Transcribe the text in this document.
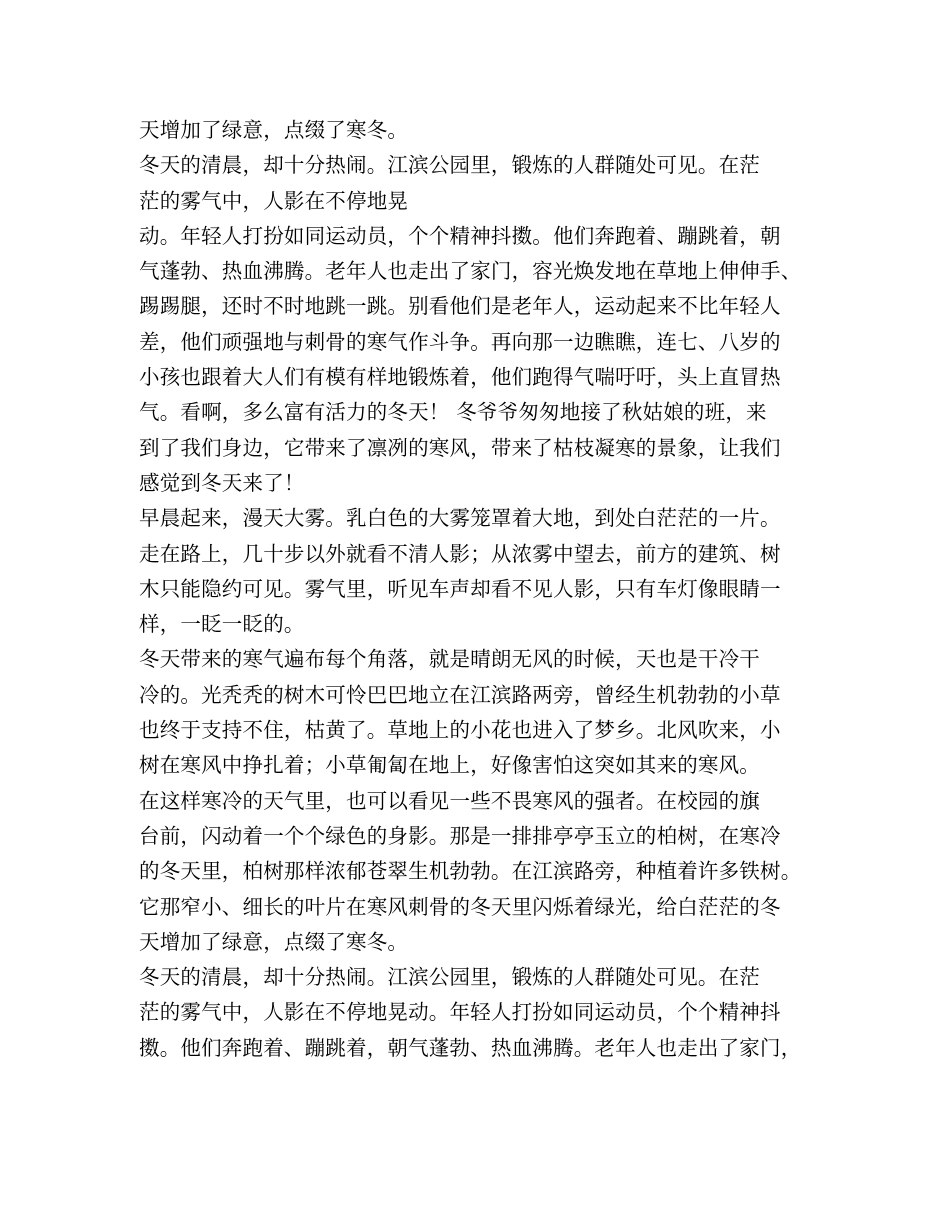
天增加了绿意，点缀了寒冬。
冬天的清晨，却十分热闹。江滨公园里，锻炼的人群随处可见。在茫
茫的雾气中，人影在不停地晃
动。年轻人打扮如同运动员，个个精神抖擞。他们奔跑着、蹦跳着，朝
气蓬勃、热血沸腾。老年人也走出了家门，容光焕发地在草地上伸伸手、
踢踢腿，还时不时地跳一跳。别看他们是老年人，运动起来不比年轻人
差，他们顽强地与刺骨的寒气作斗争。再向那一边瞧瞧，连七、八岁的
小孩也跟着大人们有模有样地锻炼着，他们跑得气喘吁吁，头上直冒热
气。看啊，多么富有活力的冬天！ 冬爷爷匆匆地接了秋姑娘的班，来
到了我们身边，它带来了凛冽的寒风，带来了枯枝凝寒的景象，让我们
感觉到冬天来了！
早晨起来，漫天大雾。乳白色的大雾笼罩着大地，到处白茫茫的一片。
走在路上，几十步以外就看不清人影；从浓雾中望去，前方的建筑、树
木只能隐约可见。雾气里，听见车声却看不见人影，只有车灯像眼睛一
样，一眨一眨的。
冬天带来的寒气遍布每个角落，就是晴朗无风的时候，天也是干冷干
冷的。光秃秃的树木可怜巴巴地立在江滨路两旁，曾经生机勃勃的小草
也终于支持不住，枯黄了。草地上的小花也进入了梦乡。北风吹来，小
树在寒风中挣扎着；小草匍匐在地上，好像害怕这突如其来的寒风。
在这样寒冷的天气里，也可以看见一些不畏寒风的强者。在校园的旗
台前，闪动着一个个绿色的身影。那是一排排亭亭玉立的柏树，在寒冷
的冬天里，柏树那样浓郁苍翠生机勃勃。在江滨路旁，种植着许多铁树。
它那窄小、细长的叶片在寒风刺骨的冬天里闪烁着绿光，给白茫茫的冬
天增加了绿意，点缀了寒冬。
冬天的清晨，却十分热闹。江滨公园里，锻炼的人群随处可见。在茫
茫的雾气中，人影在不停地晃动。年轻人打扮如同运动员，个个精神抖
擞。他们奔跑着、蹦跳着，朝气蓬勃、热血沸腾。老年人也走出了家门，
